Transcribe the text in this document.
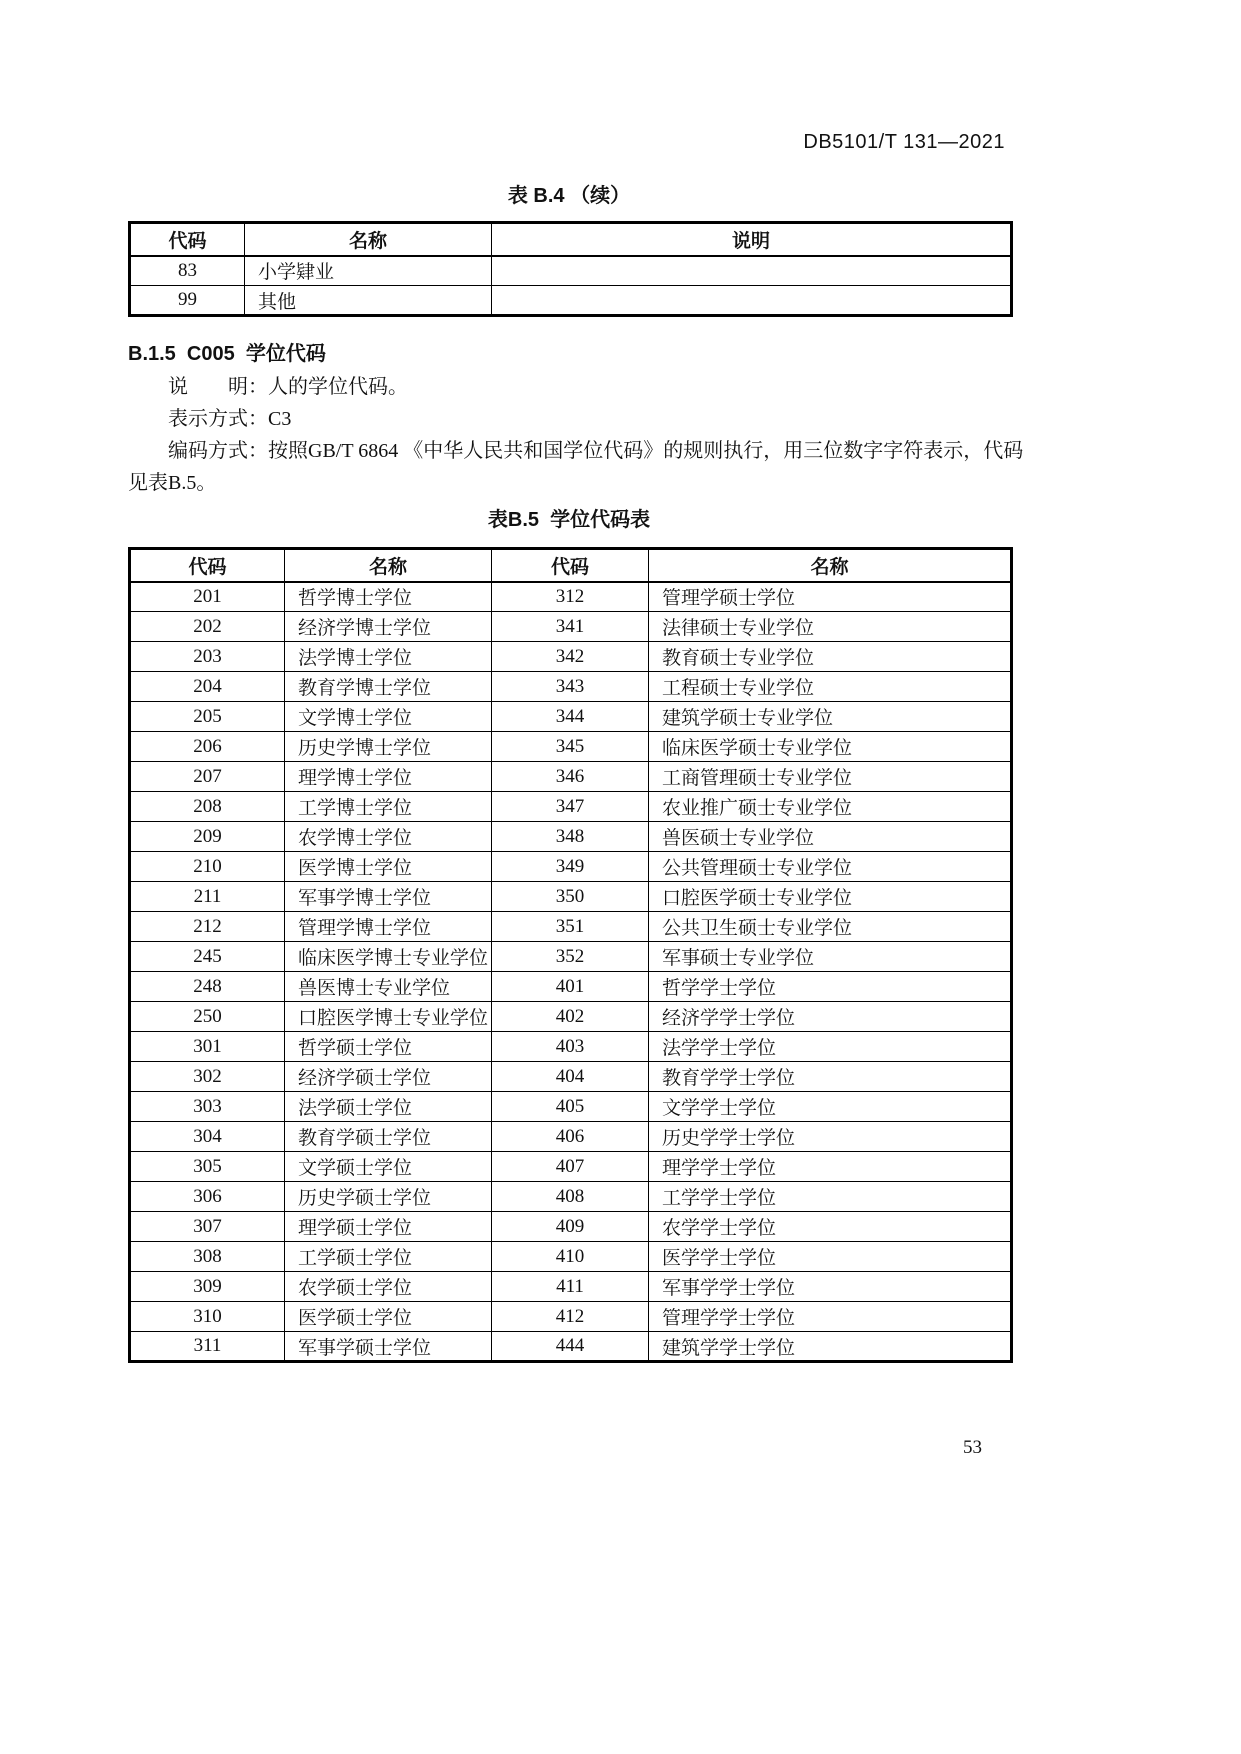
DB5101/T 131—2021
表 B.4 （续）
代码	名称	说明
83	小学肄业	
99	其他	
B.1.5  C005  学位代码
说　　明：人的学位代码。
表示方式：C3
编码方式：按照GB/T 6864 《中华人民共和国学位代码》的规则执行，用三位数字字符表示，代码
见表B.5。
表B.5  学位代码表
代码	名称	代码	名称
201	哲学博士学位	312	管理学硕士学位
202	经济学博士学位	341	法律硕士专业学位
203	法学博士学位	342	教育硕士专业学位
204	教育学博士学位	343	工程硕士专业学位
205	文学博士学位	344	建筑学硕士专业学位
206	历史学博士学位	345	临床医学硕士专业学位
207	理学博士学位	346	工商管理硕士专业学位
208	工学博士学位	347	农业推广硕士专业学位
209	农学博士学位	348	兽医硕士专业学位
210	医学博士学位	349	公共管理硕士专业学位
211	军事学博士学位	350	口腔医学硕士专业学位
212	管理学博士学位	351	公共卫生硕士专业学位
245	临床医学博士专业学位	352	军事硕士专业学位
248	兽医博士专业学位	401	哲学学士学位
250	口腔医学博士专业学位	402	经济学学士学位
301	哲学硕士学位	403	法学学士学位
302	经济学硕士学位	404	教育学学士学位
303	法学硕士学位	405	文学学士学位
304	教育学硕士学位	406	历史学学士学位
305	文学硕士学位	407	理学学士学位
306	历史学硕士学位	408	工学学士学位
307	理学硕士学位	409	农学学士学位
308	工学硕士学位	410	医学学士学位
309	农学硕士学位	411	军事学学士学位
310	医学硕士学位	412	管理学学士学位
311	军事学硕士学位	444	建筑学学士学位
53
